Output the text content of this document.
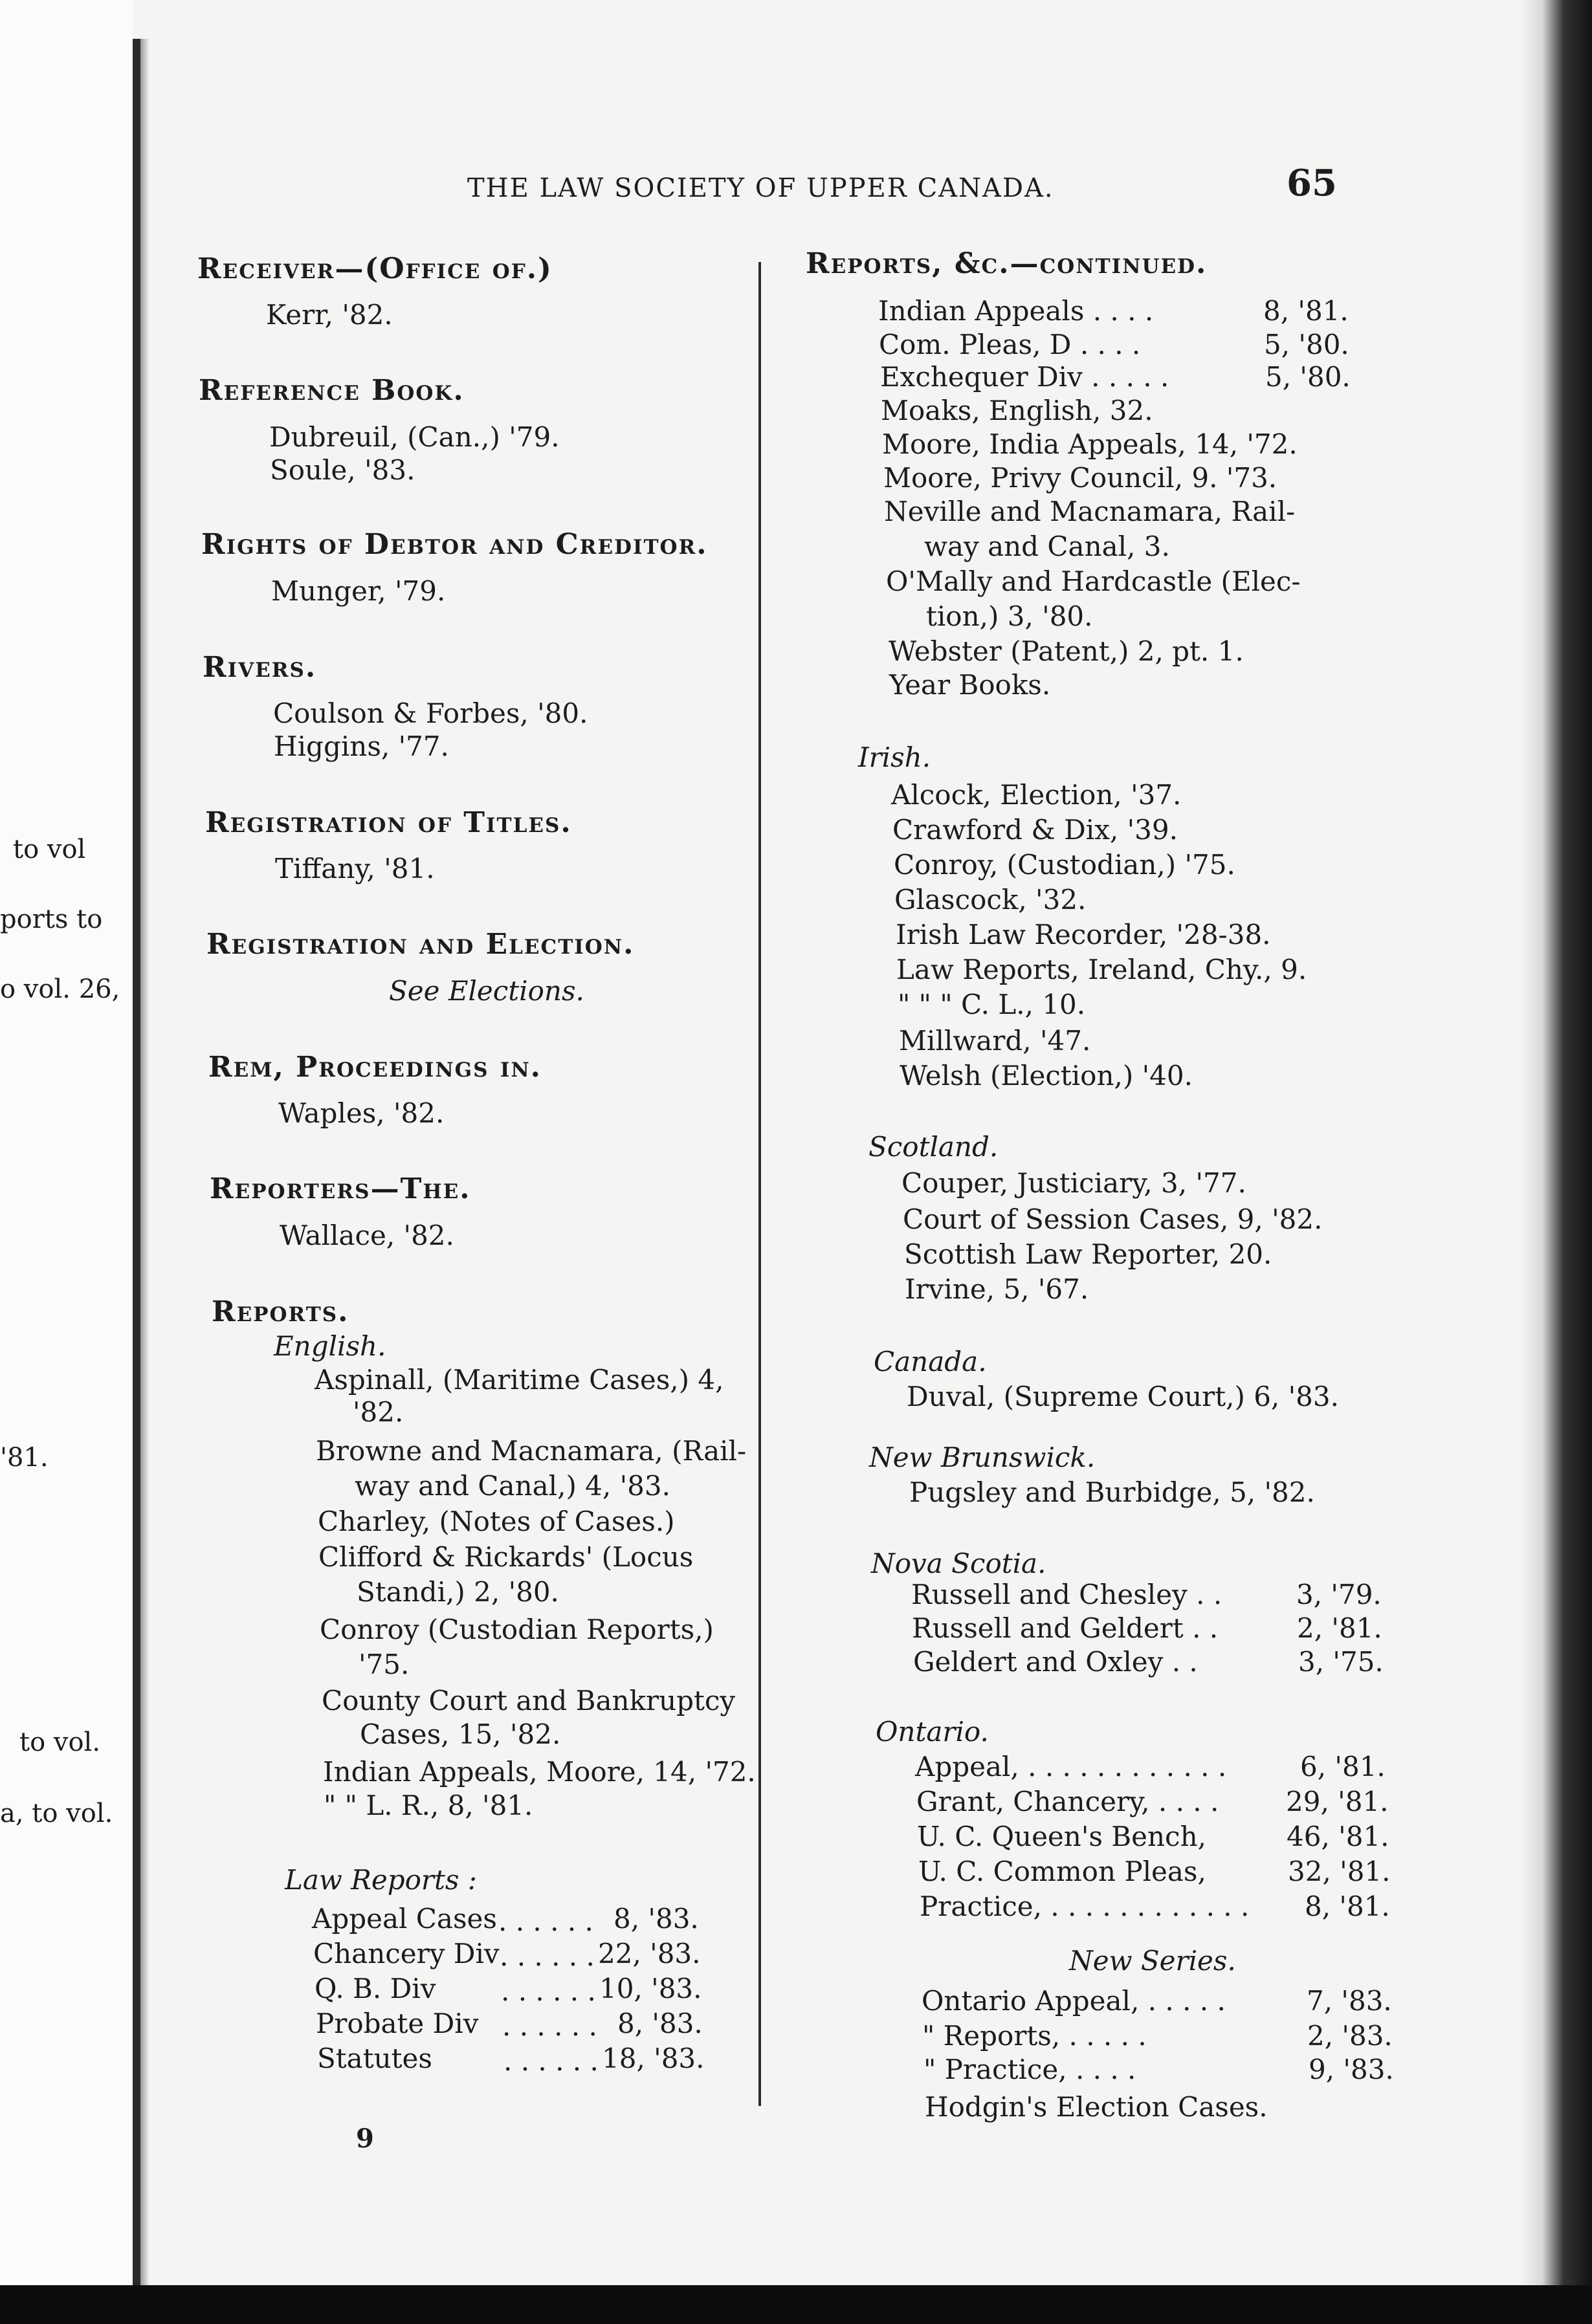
to vol
ports to
o vol. 26,
'81.
to vol.
a, to vol.
THE LAW SOCIETY OF UPPER CANADA.	65
Receiver—(Office of.)
Kerr, '82.
Reference Book.
Dubreuil, (Can.,) '79.
Soule, '83.
Rights of Debtor and Creditor.
Munger, '79.
Rivers.
Coulson & Forbes, '80.
Higgins, '77.
Registration of Titles.
Tiffany, '81.
Registration and Election.
See Elections.
Rem, Proceedings in.
Waples, '82.
Reporters—The.
Wallace, '82.
Reports.
English.
Aspinall, (Maritime Cases,) 4,
'82.
Browne and Macnamara, (Rail-
way and Canal,) 4, '83.
Charley, (Notes of Cases.)
Clifford & Rickards' (Locus
Standi,) 2, '80.
Conroy (Custodian Reports,)
'75.
County Court and Bankruptcy
Cases, 15, '82.
Indian Appeals, Moore, 14, '72.
" " L. R., 8, '81.
Law Reports :
Appeal Cases . . . . . . 8, '83.
Chancery Div . . . . . . 22, '83.
Q. B. Div . . . . . . 10, '83.
Probate Div . . . . . . 8, '83.
Statutes	. . . . . . 18, '83.
9
Reports, &c.—continued.
Indian Appeals . . . .	8, '81.
Com. Pleas, D . . . .	5, '80.
Exchequer Div . . . . .	5, '80.
Moaks, English, 32.
Moore, India Appeals, 14, '72.
Moore, Privy Council, 9. '73.
Neville and Macnamara, Rail-
way and Canal, 3.
O'Mally and Hardcastle (Elec-
tion,) 3, '80.
Webster (Patent,) 2, pt. 1.
Year Books.
Irish.
Alcock, Election, '37.
Crawford & Dix, '39.
Conroy, (Custodian,) '75.
Glascock, '32.
Irish Law Recorder, '28-38.
Law Reports, Ireland, Chy., 9.
" " " C. L., 10.
Millward, '47.
Welsh (Election,) '40.
Scotland.
Couper, Justiciary, 3, '77.
Court of Session Cases, 9, '82.
Scottish Law Reporter, 20.
Irvine, 5, '67.
Canada.
Duval, (Supreme Court,) 6, '83.
New Brunswick.
Pugsley and Burbidge, 5, '82.
Nova Scotia.
Russell and Chesley . .	3, '79.
Russell and Geldert . .	2, '81.
Geldert and Oxley . .	3, '75.
Ontario.
Appeal, . . . . . . . . . . . .	6, '81.
Grant, Chancery, . . . . 29, '81.
U. C. Queen's Bench,	46, '81.
U. C. Common Pleas,	32, '81.
Practice, . . . . . . . . . . . . 8, '81.
New Series.
Ontario Appeal, . . . . .	7, '83.
" Reports, . . . . .	2, '83.
" Practice, . . . .	9, '83.
Hodgin's Election Cases.
